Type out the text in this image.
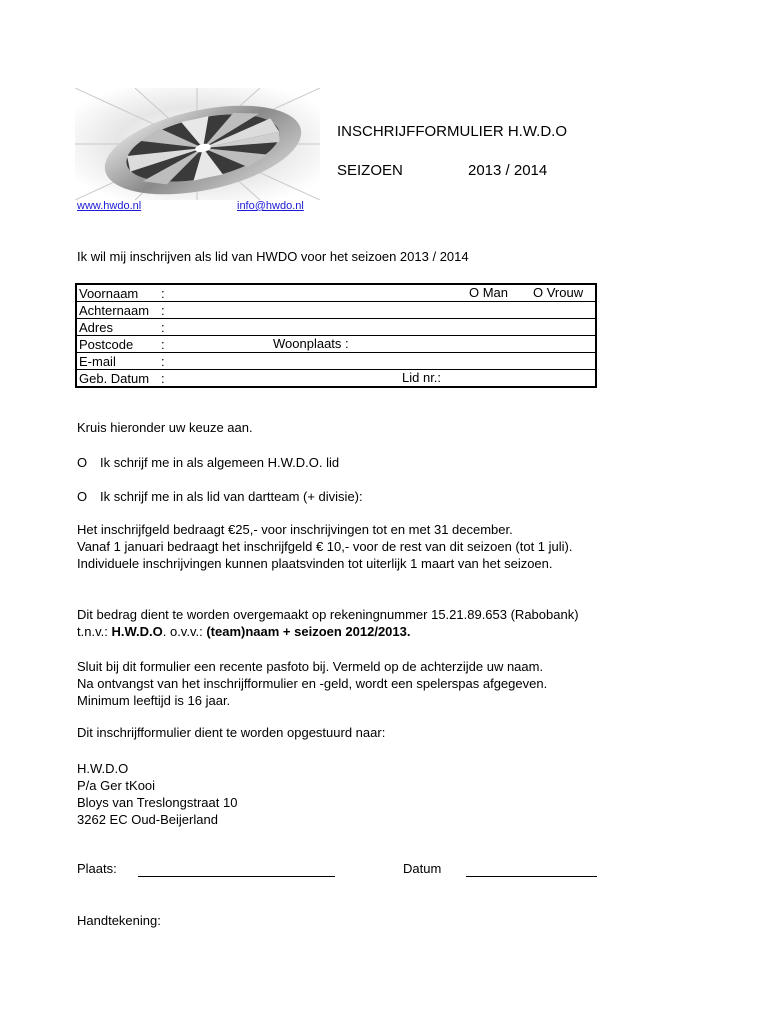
INSCHRIJFFORMULIER H.W.D.O
SEIZOEN	2013 / 2014
www.hwdo.nl	info@hwdo.nl
Ik wil mij inschrijven als lid van HWDO voor het seizoen 2013 / 2014
Voornaam :	O Man O Vrouw

Achternaam :
Adres	:
Postcode :	Woonplaats :

E-mail	:
Geb. Datum :	Lid nr.:
Kruis hieronder uw keuze aan.
O Ik schrijf me in als algemeen H.W.D.O. lid
O Ik schrijf me in als lid van dartteam (+ divisie):
Het inschrijfgeld bedraagt €25,- voor inschrijvingen tot en met 31 december.
Vanaf 1 januari bedraagt het inschrijfgeld € 10,- voor de rest van dit seizoen (tot 1 juli).
Individuele inschrijvingen kunnen plaatsvinden tot uiterlijk 1 maart van het seizoen.
Dit bedrag dient te worden overgemaakt op rekeningnummer 15.21.89.653 (Rabobank)
t.n.v.: H.W.D.O. o.v.v.: (team)naam + seizoen 2012/2013.
Sluit bij dit formulier een recente pasfoto bij. Vermeld op de achterzijde uw naam.
Na ontvangst van het inschrijfformulier en -geld, wordt een spelerspas afgegeven.
Minimum leeftijd is 16 jaar.
Dit inschrijfformulier dient te worden opgestuurd naar:
H.W.D.O
P/a Ger tKooi
Bloys van Treslongstraat 10
3262 EC Oud-Beijerland
Plaats:	Datum
Handtekening:
